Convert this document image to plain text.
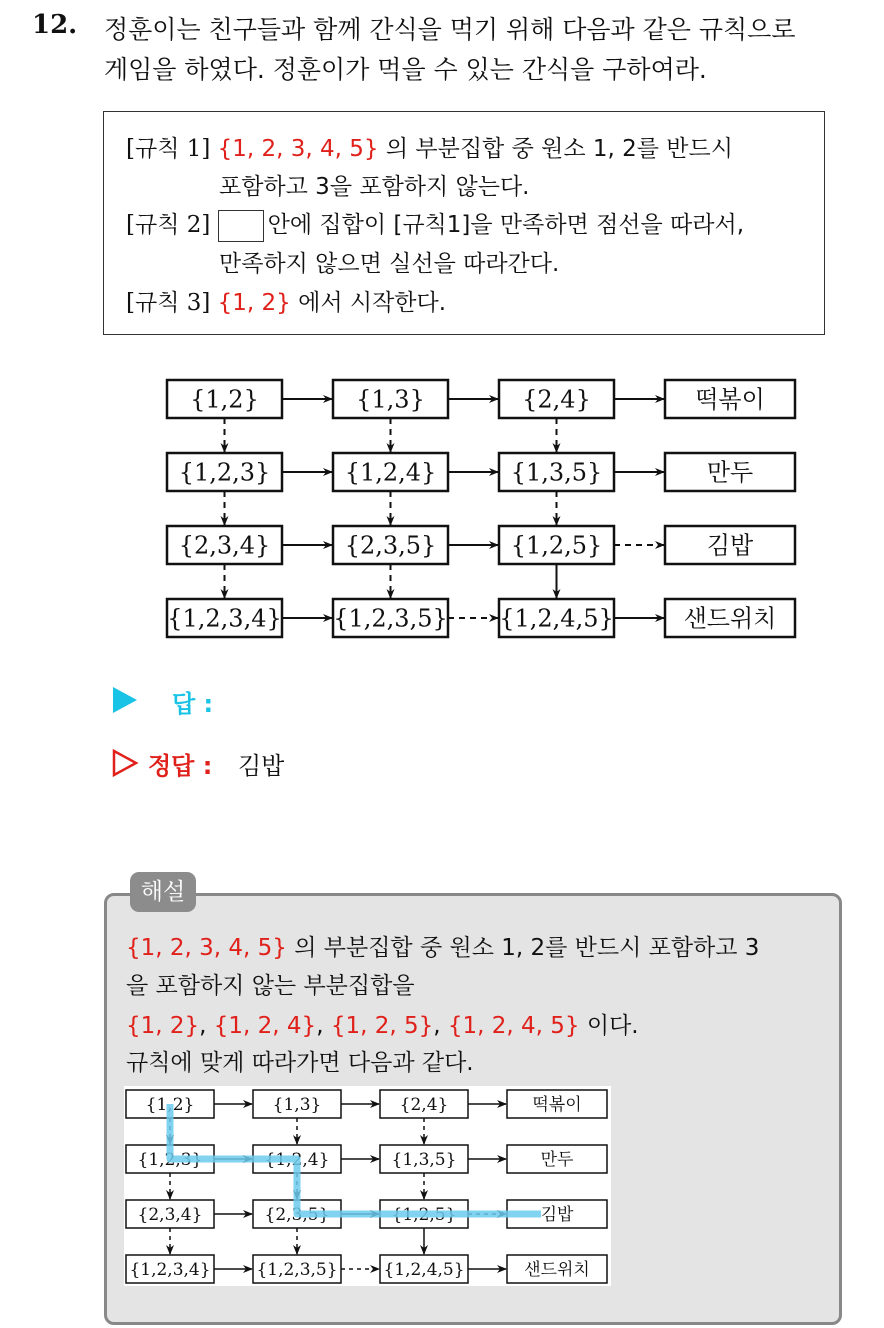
12. 정훈이는 친구들과 함께 간식을 먹기 위해 다음과 같은 규칙으로
게임을 하였다. 정훈이가 먹을 수 있는 간식을 구하여라.
[규칙 1] {1, 2, 3, 4, 5} 의 부분집합 중 원소 1, 2를 반드시
포함하고 3을 포함하지 않는다.
[규칙 2] 안에 집합이 [규칙1]을 만족하면 점선을 따라서,
만족하지 않으면 실선을 따라간다.
[규칙 3] {1, 2} 에서 시작한다.
{1,2}	{1,3}	{2,4}	떡볶이
{1,2,3}	{1,2,4}	{1,3,5}	만두
{2,3,4}	{2,3,5}	{1,2,5}	김밥
{1,2,3,4} {1,2,3,5} {1,2,4,5}	샌드위치
답 :
정답 : 김밥
해설
{1, 2, 3, 4, 5} 의 부분집합 중 원소 1, 2를 반드시 포함하고 3
을 포함하지 않는 부분집합을
{1, 2}, {1, 2, 4}, {1, 2, 5}, {1, 2, 4, 5} 이다.
규칙에 맞게 따라가면 다음과 같다.
{1,2}	{1,3}	{2,4}	떡볶이
{1,2,3}	{1,2,4}	{1,3,5}	만두
{2,3,4}	{2,3,5}	{1,2,5}	김밥
{1,2,3,4}	{1,2,3,5}	{1,2,4,5}	샌드위치
